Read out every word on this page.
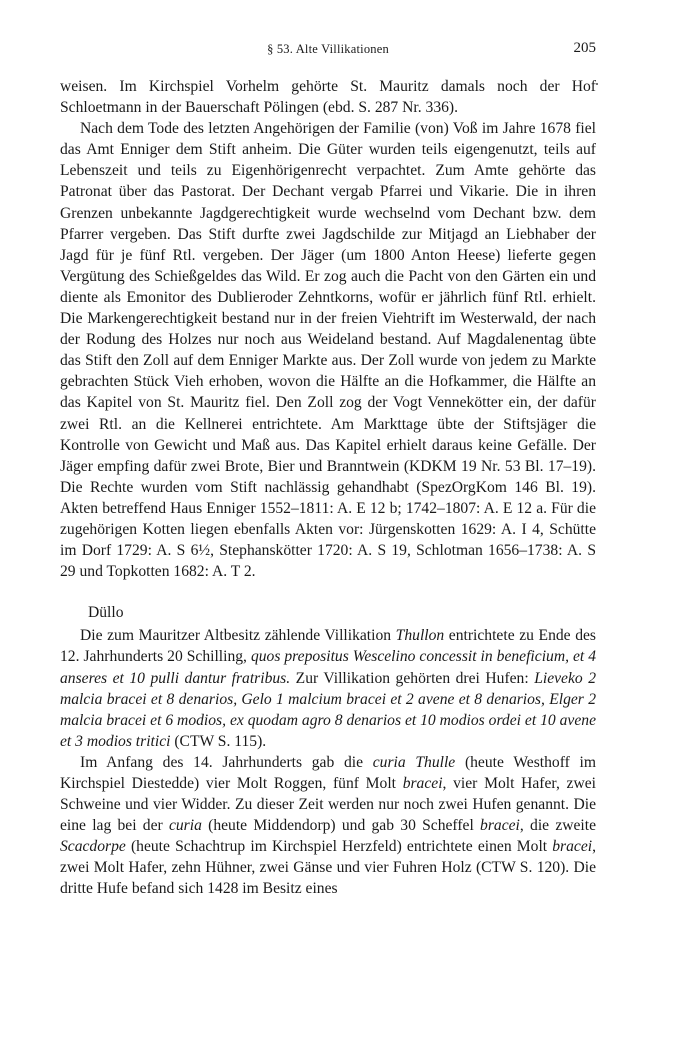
§ 53. Alte Villikationen	205

weisen. Im Kirchspiel Vorhelm gehörte St. Mauritz damals noch der Hof Schloetmann in der Bauerschaft Pölingen (ebd. S. 287 Nr. 336).

Nach dem Tode des letzten Angehörigen der Familie (von) Voß im Jahre 1678 fiel das Amt Enniger dem Stift anheim. Die Güter wurden teils eigengenutzt, teils auf Lebenszeit und teils zu Eigenhörigenrecht verpachtet. Zum Amte gehörte das Patronat über das Pastorat. Der Dechant vergab Pfarrei und Vikarie. Die in ihren Grenzen unbekannte Jagdgerechtigkeit wurde wechselnd vom Dechant bzw. dem Pfarrer vergeben. Das Stift durfte zwei Jagdschilde zur Mitjagd an Liebhaber der Jagd für je fünf Rtl. vergeben. Der Jäger (um 1800 Anton Heese) lieferte gegen Vergütung des Schießgeldes das Wild. Er zog auch die Pacht von den Gärten ein und diente als Emonitor des Dublieroder Zehntkorns, wofür er jährlich fünf Rtl. erhielt. Die Markengerechtigkeit bestand nur in der freien Viehtrift im Westerwald, der nach der Rodung des Holzes nur noch aus Weideland bestand. Auf Magdalenentag übte das Stift den Zoll auf dem Enniger Markte aus. Der Zoll wurde von jedem zu Markte gebrachten Stück Vieh erhoben, wovon die Hälfte an die Hofkammer, die Hälfte an das Kapitel von St. Mauritz fiel. Den Zoll zog der Vogt Vennekötter ein, der dafür zwei Rtl. an die Kellnerei entrichtete. Am Markttage übte der Stiftsjäger die Kontrolle von Gewicht und Maß aus. Das Kapitel erhielt daraus keine Gefälle. Der Jäger empfing dafür zwei Brote, Bier und Branntwein (KDKM 19 Nr. 53 Bl. 17–19). Die Rechte wurden vom Stift nachlässig gehandhabt (SpezOrgKom 146 Bl. 19). Akten betreffend Haus Enniger 1552–1811: A. E 12 b; 1742–1807: A. E 12 a. Für die zugehörigen Kotten liegen ebenfalls Akten vor: Jürgenskotten 1629: A. I 4, Schütte im Dorf 1729: A. S 6½, Stephanskötter 1720: A. S 19, Schlotman 1656–1738: A. S 29 und Topkotten 1682: A. T 2.

Düllo

Die zum Mauritzer Altbesitz zählende Villikation Thullon entrichtete zu Ende des 12. Jahrhunderts 20 Schilling, quos prepositus Wescelino concessit in beneficium, et 4 anseres et 10 pulli dantur fratribus. Zur Villikation gehörten drei Hufen: Lieveko 2 malcia bracei et 8 denarios, Gelo 1 malcium bracei et 2 avene et 8 denarios, Elger 2 malcia bracei et 6 modios, ex quodam agro 8 denarios et 10 modios ordei et 10 avene et 3 modios tritici (CTW S. 115).

Im Anfang des 14. Jahrhunderts gab die curia Thulle (heute Westhoff im Kirchspiel Diestedde) vier Molt Roggen, fünf Molt bracei, vier Molt Hafer, zwei Schweine und vier Widder. Zu dieser Zeit werden nur noch zwei Hufen genannt. Die eine lag bei der curia (heute Middendorp) und gab 30 Scheffel bracei, die zweite Scacdorpe (heute Schachtrup im Kirchspiel Herzfeld) entrichtete einen Molt bracei, zwei Molt Hafer, zehn Hühner, zwei Gänse und vier Fuhren Holz (CTW S. 120). Die dritte Hufe befand sich 1428 im Besitz eines
